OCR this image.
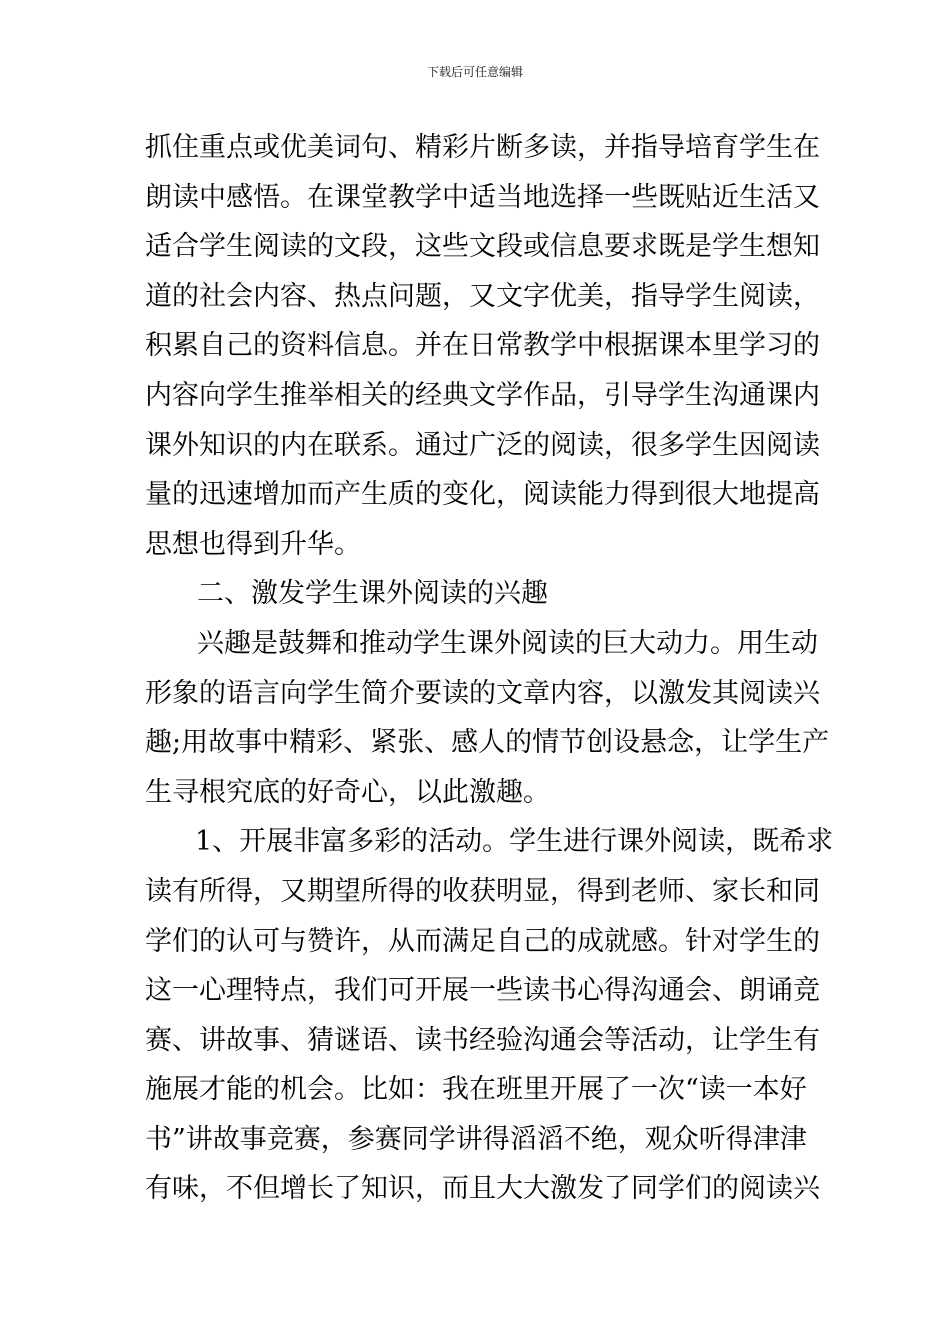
下载后可任意编辑
抓住重点或优美词句、精彩片断多读，并指导培育学生在
朗读中感悟。在课堂教学中适当地选择一些既贴近生活又
适合学生阅读的文段，这些文段或信息要求既是学生想知
道的社会内容、热点问题，又文字优美，指导学生阅读，
积累自己的资料信息。并在日常教学中根据课本里学习的
内容向学生推举相关的经典文学作品，引导学生沟通课内
课外知识的内在联系。通过广泛的阅读，很多学生因阅读
量的迅速增加而产生质的变化，阅读能力得到很大地提高
思想也得到升华。
二、激发学生课外阅读的兴趣
兴趣是鼓舞和推动学生课外阅读的巨大动力。用生动
形象的语言向学生简介要读的文章内容，以激发其阅读兴
趣;用故事中精彩、紧张、感人的情节创设悬念，让学生产
生寻根究底的好奇心，以此激趣。
1、开展非富多彩的活动。学生进行课外阅读，既希求
读有所得，又期望所得的收获明显，得到老师、家长和同
学们的认可与赞许，从而满足自己的成就感。针对学生的
这一心理特点，我们可开展一些读书心得沟通会、朗诵竞
赛、讲故事、猜谜语、读书经验沟通会等活动，让学生有
施展才能的机会。比如：我在班里开展了一次“读一本好
书”讲故事竞赛，参赛同学讲得滔滔不绝，观众听得津津
有味，不但增长了知识，而且大大激发了同学们的阅读兴
